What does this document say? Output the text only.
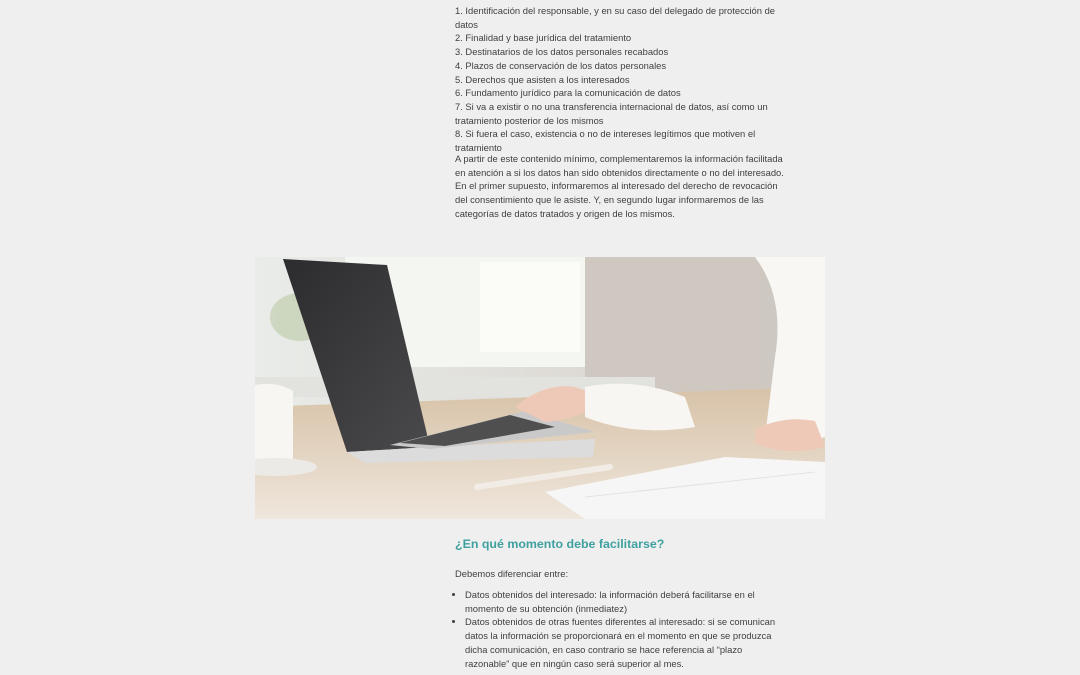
1. Identificación del responsable, y en su caso del delegado de protección de datos
2. Finalidad y base jurídica del tratamiento
3. Destinatarios de los datos personales recabados
4. Plazos de conservación de los datos personales
5. Derechos que asisten a los interesados
6. Fundamento jurídico para la comunicación de datos
7. Si va a existir o no una transferencia internacional de datos, así como un tratamiento posterior de los mismos
8. Si fuera el caso, existencia o no de intereses legítimos que motiven el tratamiento

A partir de este contenido mínimo, complementaremos la información facilitada en atención a si los datos han sido obtenidos directamente o no del interesado. En el primer supuesto, informaremos al interesado del derecho de revocación del consentimiento que le asiste. Y, en segundo lugar informaremos de las categorías de datos tratados y origen de los mismos.

¿En qué momento debe facilitarse?

Debemos diferenciar entre:

• Datos obtenidos del interesado: la información deberá facilitarse en el momento de su obtención (inmediatez)
• Datos obtenidos de otras fuentes diferentes al interesado: si se comunican datos la información se proporcionará en el momento en que se produzca dicha comunicación, en caso contrario se hace referencia al “plazo razonable” que en ningún caso será superior al mes.
